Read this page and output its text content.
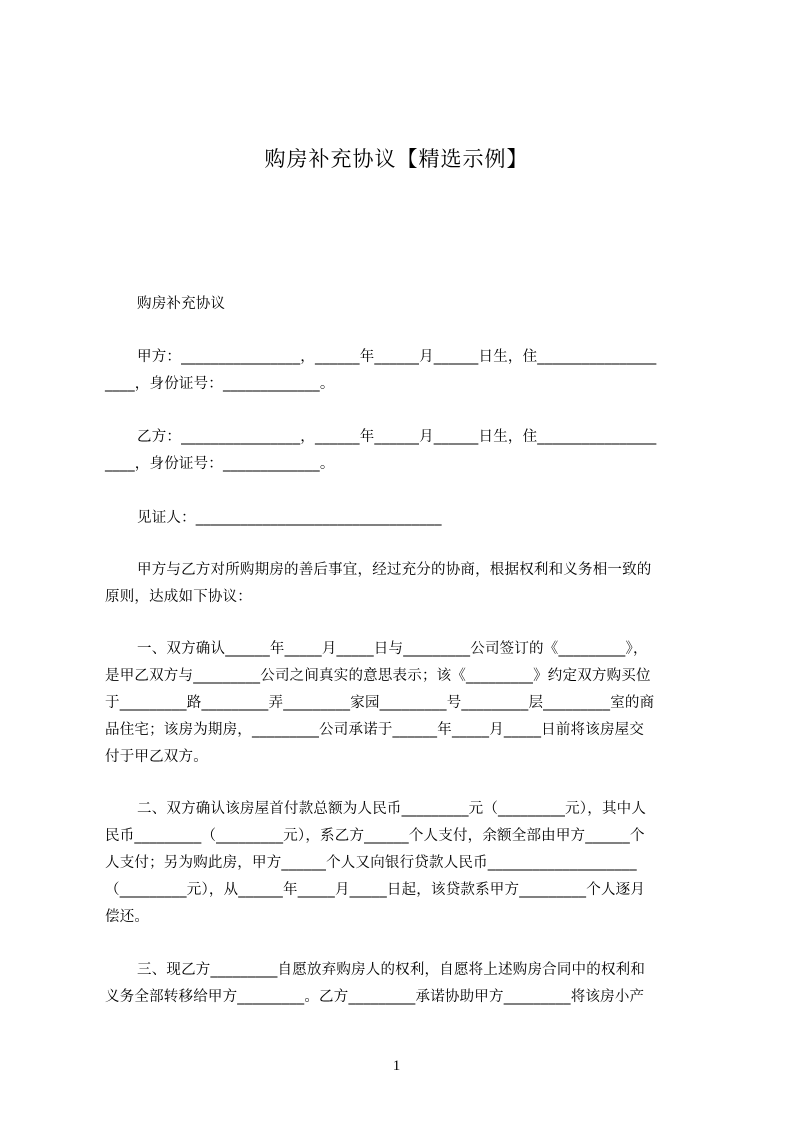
购房补充协议【精选示例】
购房补充协议
甲方：________________，______年______月______日生，住________________
____，身份证号：_____________。
乙方：________________，______年______月______日生，住________________
____，身份证号：_____________。
见证人：_________________________________
甲方与乙方对所购期房的善后事宜，经过充分的协商，根据权利和义务相一致的
原则，达成如下协议：
一、双方确认______年_____月_____日与_________公司签订的《_________》，
是甲乙双方与_________公司之间真实的意思表示；该《_________》约定双方购买位
于_________路_________弄_________家园_________号_________层_________室的商
品住宅；该房为期房，_________公司承诺于______年_____月_____日前将该房屋交
付于甲乙双方。
二、双方确认该房屋首付款总额为人民币_________元（_________元），其中人
民币_________（_________元），系乙方______个人支付，余额全部由甲方______个
人支付；另为购此房，甲方______个人又向银行贷款人民币____________________
（_________元），从______年_____月_____日起，该贷款系甲方_________个人逐月
偿还。
三、现乙方_________自愿放弃购房人的权利，自愿将上述购房合同中的权利和
义务全部转移给甲方_________。乙方_________承诺协助甲方_________将该房小产
1
